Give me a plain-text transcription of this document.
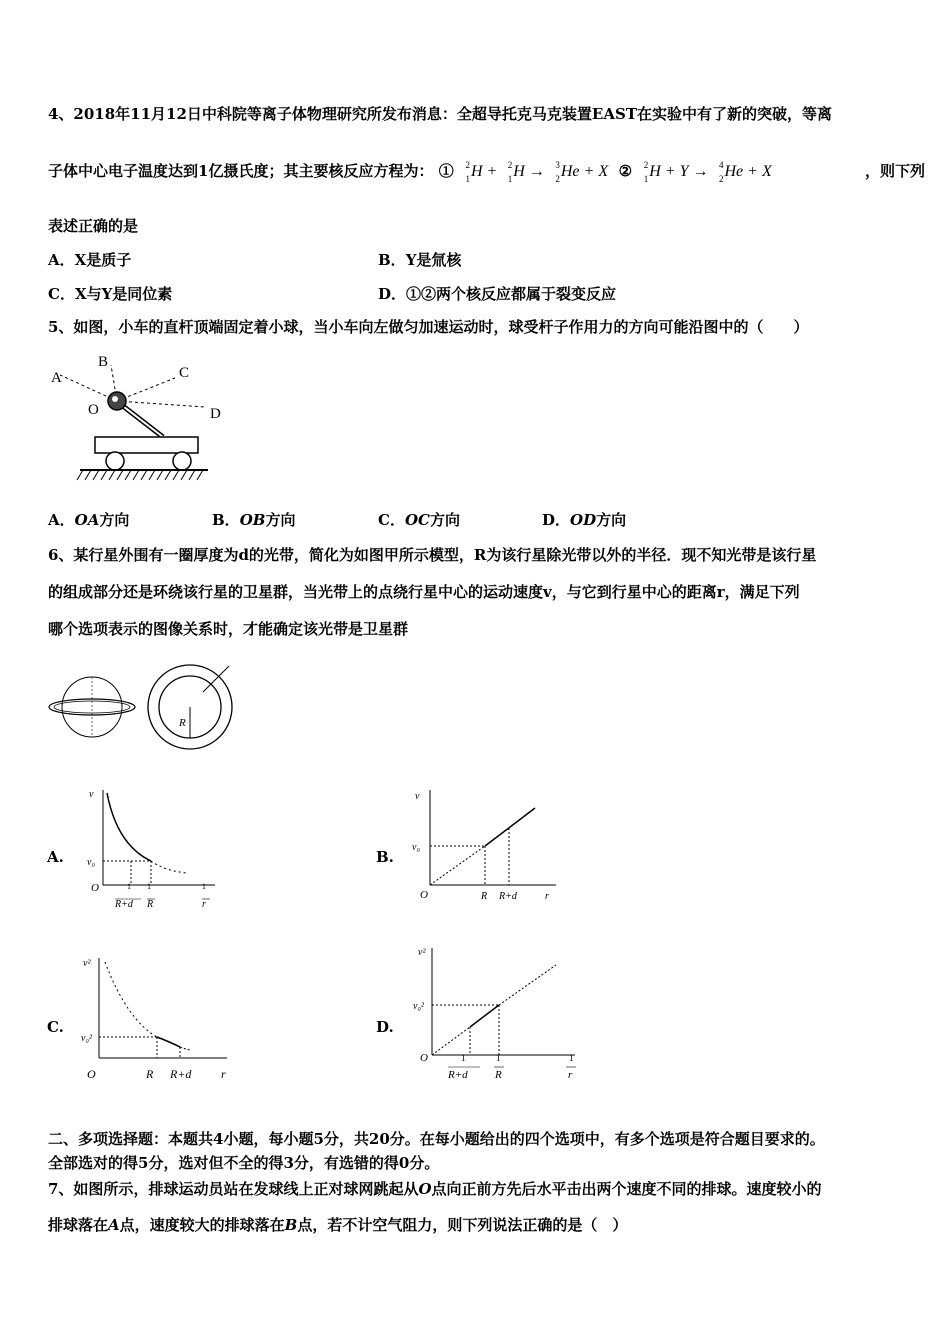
4、2018年11月12日中科院等离子体物理研究所发布消息：全超导托克马克装置EAST在实验中有了新的突破，等离
子体中心电子温度达到1亿摄氏度；其主要核反应方程为： ① 2
1 H + 2
1 H → 3
2 He + X ② 2
1 H + Y → 4
2 He + X	，则下列
表述正确的是
A．X是质子	B．Y是氚核
C．X与Y是同位素	D．①②两个核反应都属于裂变反应
5、如图，小车的直杆顶端固定着小球，当小车向左做匀加速运动时，球受杆子作用力的方向可能沿图中的（　　）
A
B
C
O	D
A．OA方向	B．OB方向	C．OC方向	D．OD方向
6、某行星外围有一圈厚度为d的光带，简化为如图甲所示模型，R为该行星除光带以外的半径．现不知光带是该行星
的组成部分还是环绕该行星的卫星群，当光带上的点绕行星中心的运动速度v，与它到行星中心的距离r，满足下列
哪个选项表示的图像关系时，才能确定该光带是卫星群
R
A.
v
v₀
O	1
R+d
1
R
1
r
B.
v
v₀
O	R R+d	r
C.
v²
v₀²
O	R R+d r
D.
v²
v₀²
O	1
R+d
1
R
1
r
二、多项选择题：本题共4小题，每小题5分，共20分。在每小题给出的四个选项中，有多个选项是符合题目要求的。
全部选对的得5分，选对但不全的得3分，有选错的得0分。
7、如图所示，排球运动员站在发球线上正对球网跳起从O点向正前方先后水平击出两个速度不同的排球。速度较小的
排球落在A点，速度较大的排球落在B点，若不计空气阻力，则下列说法正确的是（　）
